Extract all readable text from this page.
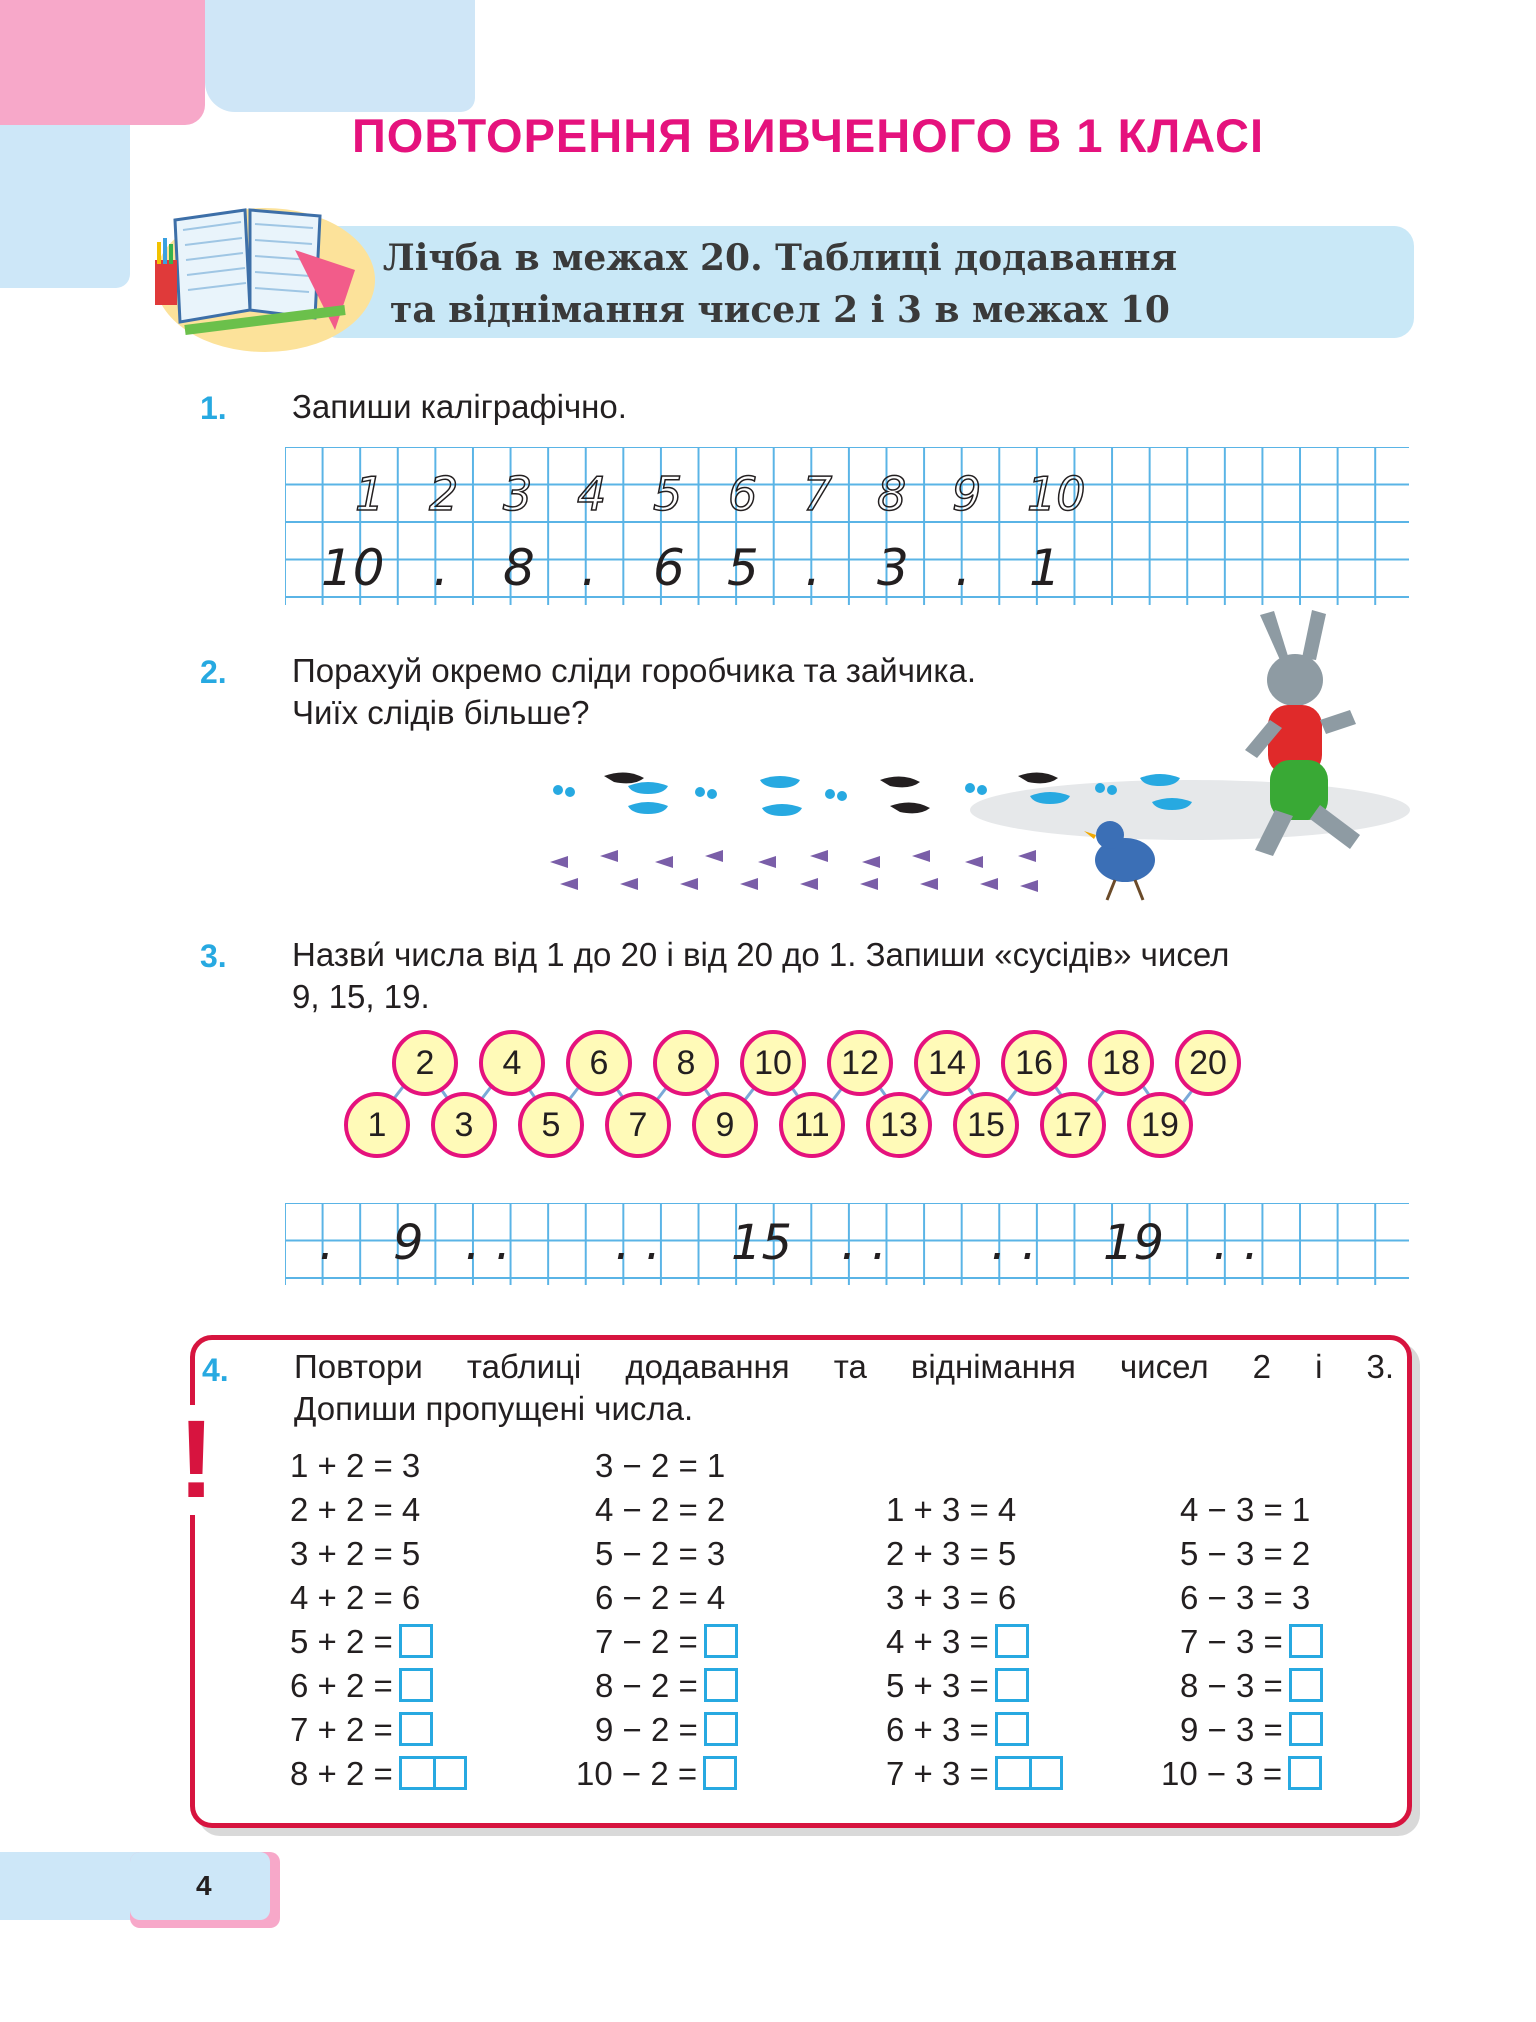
ПОВТОРЕННЯ ВИВЧЕНОГО В 1 КЛАСІ
Лічба в межах 20. Таблиці додавання
та віднімання чисел 2 і 3 в межах 10
1. Запиши каліграфічно.
1 2 3 4 5 6 7 8 9 10
10 . 8 . 6 5 . 3 . 1
2. Порахуй окремо сліди горобчика та зайчика.
Чиїх слідів більше?
3. Назви́ числа від 1 до 20 і від 20 до 1. Запиши «сусідів» чисел
9, 15, 19.
2	4	6	8	10	12	14	16	18	20
1	3	5	7	9	11	13	15	17	19
. 9 . . . . 15 . . . . 19 . .
!
4. Повтори таблиці додавання та віднімання чисел 2 і 3.
Допиши пропущені числа.
1 + 2 = 3
2 + 2 = 4
3 + 2 = 5
4 + 2 = 6
5 + 2 =
6 + 2 =
7 + 2 =
8 + 2 =
3 − 2 = 1
4 − 2 = 2
5 − 2 = 3
6 − 2 = 4
7 − 2 =
8 − 2 =
9 − 2 =
10 − 2 =
1 + 3 = 4
2 + 3 = 5
3 + 3 = 6
4 + 3 =
5 + 3 =
6 + 3 =
7 + 3 =
4 − 3 = 1
5 − 3 = 2
6 − 3 = 3
7 − 3 =
8 − 3 =
9 − 3 =
10 − 3 =
4
